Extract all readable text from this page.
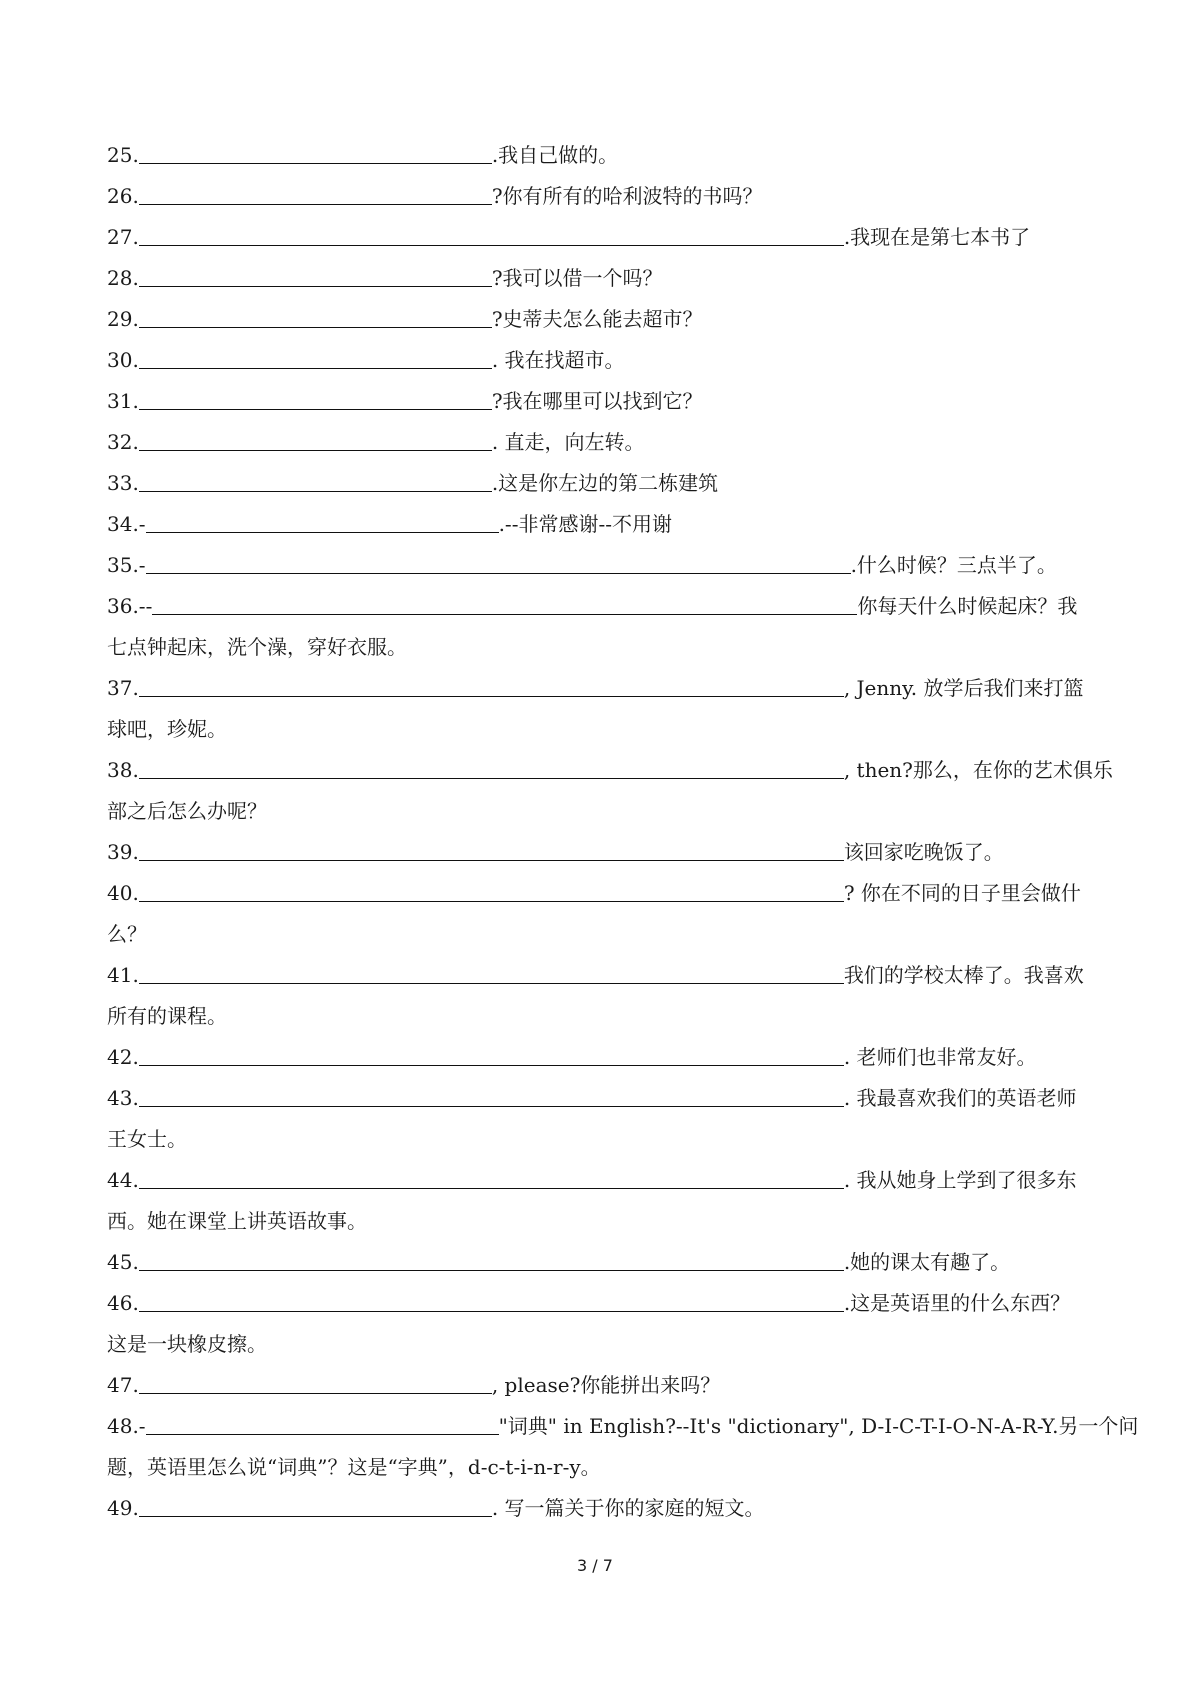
25.	.我自己做的。
26.	?你有所有的哈利波特的书吗？
27.	.我现在是第七本书了
28.	?我可以借一个吗？
29.	?史蒂夫怎么能去超市？
30.	. 我在找超市。
31.	?我在哪里可以找到它？
32.	. 直走，向左转。
33.	.这是你左边的第二栋建筑
34.-	.--非常感谢--不用谢
35.-	.什么时候？三点半了。
36.--	你每天什么时候起床？我
七点钟起床，洗个澡，穿好衣服。
37.	, Jenny. 放学后我们来打篮
球吧，珍妮。
38.	, then?那么，在你的艺术俱乐
部之后怎么办呢？
39.	该回家吃晚饭了。
40.	? 你在不同的日子里会做什
么？
41.	我们的学校太棒了。我喜欢
所有的课程。
42.	. 老师们也非常友好。
43.	. 我最喜欢我们的英语老师
王女士。
44.	. 我从她身上学到了很多东
西。她在课堂上讲英语故事。
45.	.她的课太有趣了。
46.	.这是英语里的什么东西？
这是一块橡皮擦。
47.	, please?你能拼出来吗？
48.-	"词典" in English?--It's "dictionary", D-I-C-T-I-O-N-A-R-Y.另一个问
题，英语里怎么说“词典”？这是“字典”，d-c-t-i-n-r-y。
49.	. 写一篇关于你的家庭的短文。
3 / 7
